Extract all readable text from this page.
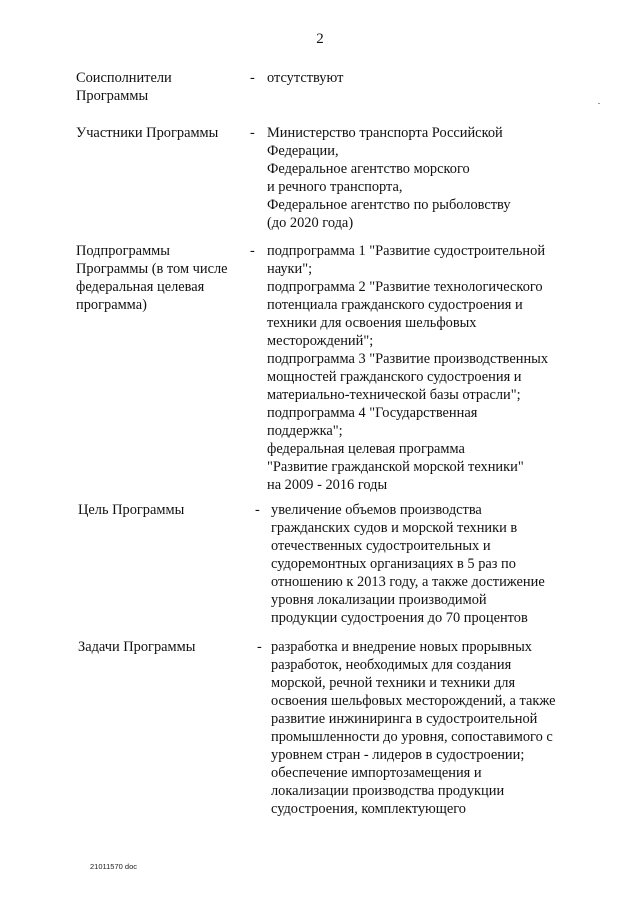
2
Соисполнители
Программы
- отсутствуют
Участники Программы - Министерство транспорта Российской
Федерации,
Федеральное агентство морского
и речного транспорта,
Федеральное агентство по рыболовству
(до 2020 года)
Подпрограммы
Программы (в том числе
федеральная целевая
программа)
- подпрограмма 1 "Развитие судостроительной
науки";
подпрограмма 2 "Развитие технологического
потенциала гражданского судостроения и
техники для освоения шельфовых
месторождений";
подпрограмма 3 "Развитие производственных
мощностей гражданского судостроения и
материально-технической базы отрасли";
подпрограмма 4 "Государственная
поддержка";
федеральная целевая программа
"Развитие гражданской морской техники"
на 2009 - 2016 годы
Цель Программы	- увеличение объемов производства
гражданских судов и морской техники в
отечественных судостроительных и
судоремонтных организациях в 5 раз по
отношению к 2013 году, а также достижение
уровня локализации производимой
продукции судостроения до 70 процентов
Задачи Программы	- разработка и внедрение новых прорывных
разработок, необходимых для создания
морской, речной техники и техники для
освоения шельфовых месторождений, а также
развитие инжиниринга в судостроительной
промышленности до уровня, сопоставимого с
уровнем стран - лидеров в судостроении;
обеспечение импортозамещения и
локализации производства продукции
судостроения, комплектующего
21011570 doc
